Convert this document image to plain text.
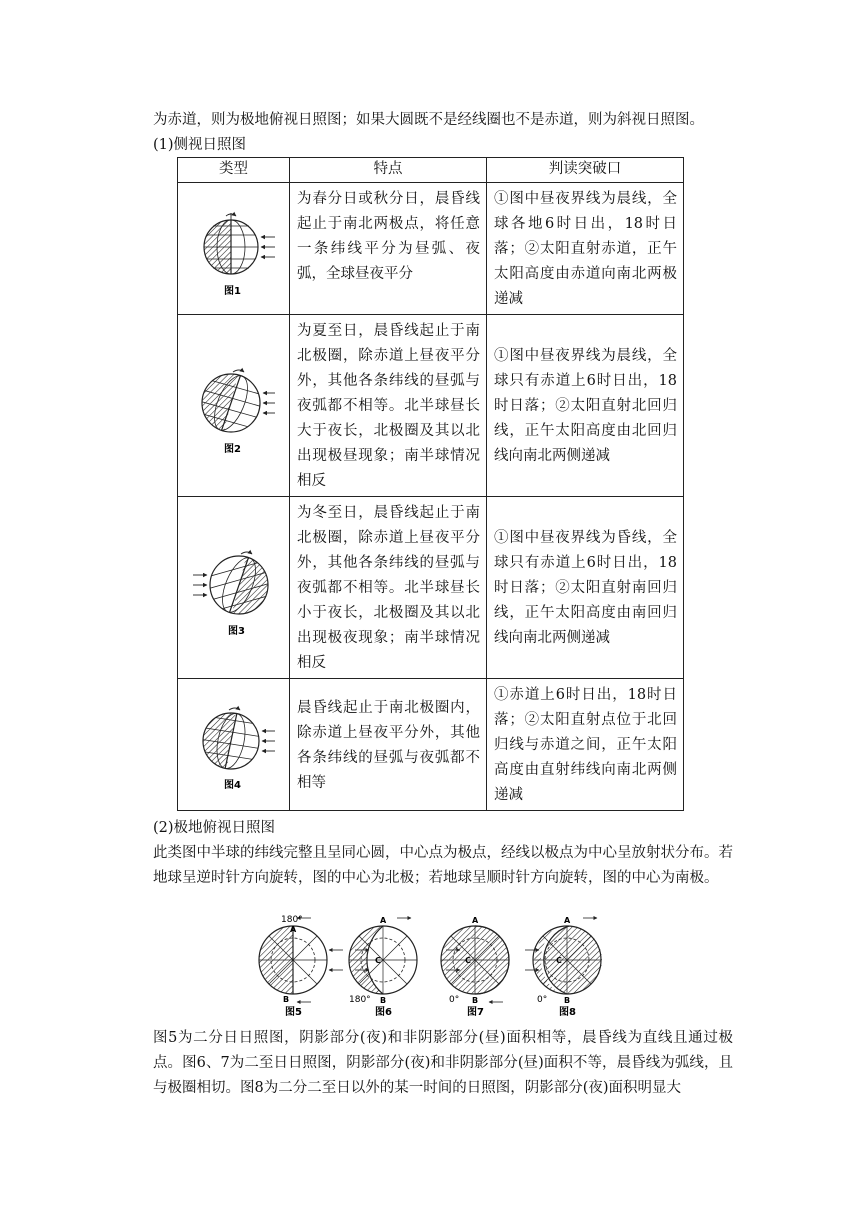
为赤道，则为极地俯视日照图；如果大圆既不是经线圈也不是赤道，则为斜视日照图。
(1)侧视日照图
类型	特点	判读突破口

图1	为春分日或秋分日，晨昏线起止于南北两极点，将任意一条纬线平分为昼弧、夜弧，全球昼夜平分	①图中昼夜界线为晨线，全球各地6时日出，18时日落；②太阳直射赤道，正午太阳高度由赤道向南北两极递减

图2	为夏至日，晨昏线起止于南北极圈，除赤道上昼夜平分外，其他各条纬线的昼弧与夜弧都不相等。北半球昼长大于夜长，北极圈及其以北出现极昼现象；南半球情况相反	①图中昼夜界线为晨线，全球只有赤道上6时日出，18时日落；②太阳直射北回归线，正午太阳高度由北回归线向南北两侧递减

图3	为冬至日，晨昏线起止于南北极圈，除赤道上昼夜平分外，其他各条纬线的昼弧与夜弧都不相等。北半球昼长小于夜长，北极圈及其以北出现极夜现象；南半球情况相反	①图中昼夜界线为昏线，全球只有赤道上6时日出，18时日落；②太阳直射南回归线，正午太阳高度由南回归线向南北两侧递减

图4	晨昏线起止于南北极圈内，除赤道上昼夜平分外，其他各条纬线的昼弧与夜弧都不相等	①赤道上6时日出，18时日落；②太阳直射点位于北回归线与赤道之间，正午太阳高度由直射纬线向南北两侧递减
(2)极地俯视日照图
此类图中半球的纬线完整且呈同心圆，中心点为极点，经线以极点为中心呈放射状分布。若地球呈逆时针方向旋转，图的中心为北极；若地球呈顺时针方向旋转，图的中心为南极。
180°
A
B
图5
A
C
B
180°
图6
A
C
B
0°
图7
A
C
B
0°
图8
图5为二分日日照图，阴影部分(夜)和非阴影部分(昼)面积相等，晨昏线为直线且通过极点。图6、7为二至日日照图，阴影部分(夜)和非阴影部分(昼)面积不等，晨昏线为弧线，且与极圈相切。图8为二分二至日以外的某一时间的日照图，阴影部分(夜)面积明显大
